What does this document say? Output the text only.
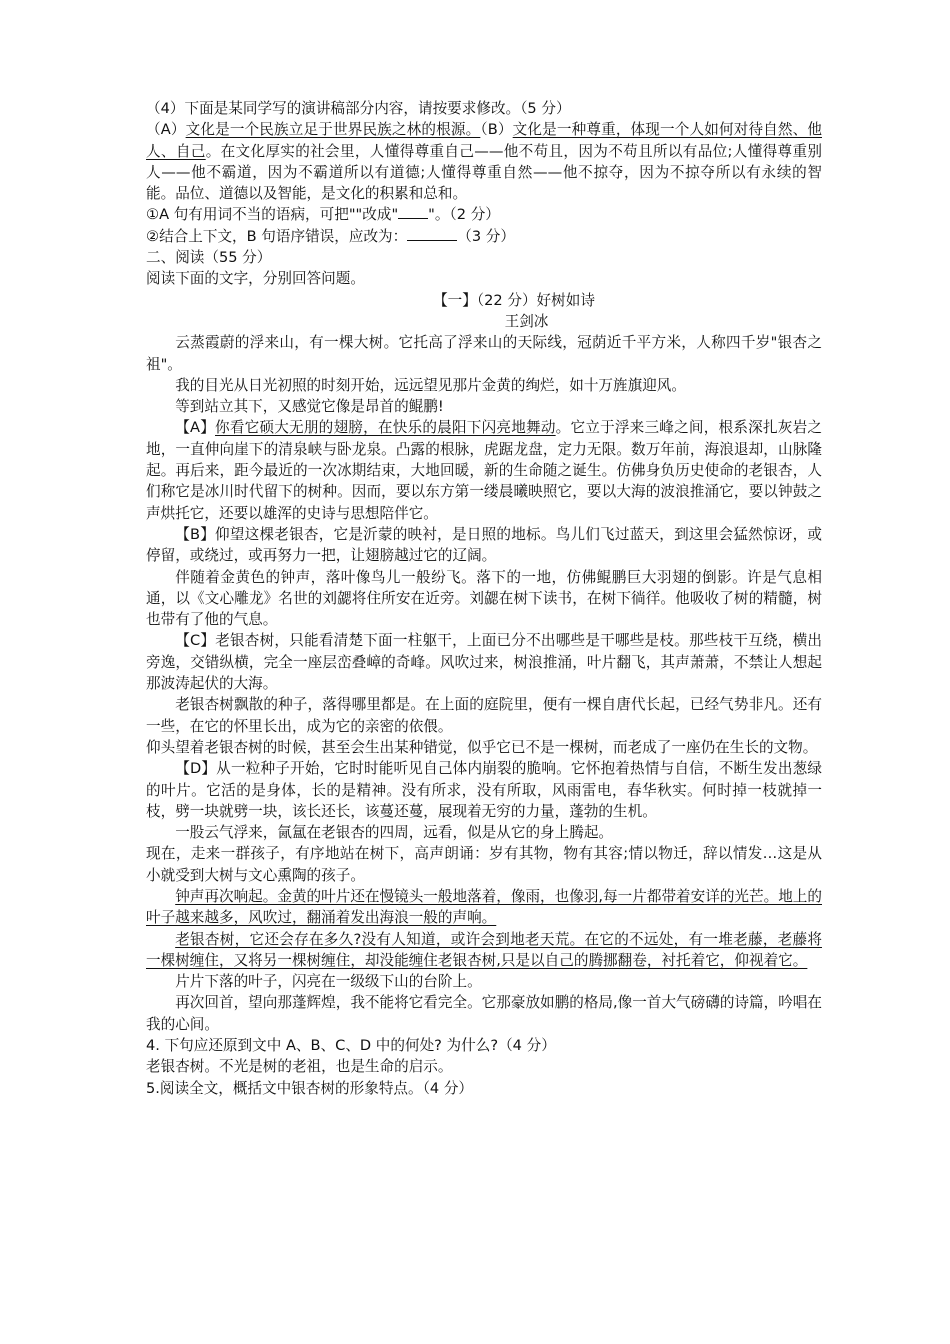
（4）下面是某同学写的演讲稿部分内容，请按要求修改。（5 分）

（A）文化是一个民族立足于世界民族之林的根源。（B）文化是一种尊重，体现一个人如何对待自然、他人、自己。在文化厚实的社会里，人懂得尊重自己——他不苟且，因为不苟且所以有品位;人懂得尊重别人——他不霸道，因为不霸道所以有道德;人懂得尊重自然——他不掠夺，因为不掠夺所以有永续的智能。品位、道德以及智能，是文化的积累和总和。

①A 句有用词不当的语病，可把""改成" "。（2 分）

②结合上下文，B 句语序错误，应改为：	（3 分）

二、阅读（55 分）

阅读下面的文字，分别回答问题。

【一】（22 分）好树如诗

王剑冰

云蒸霞蔚的浮来山，有一棵大树。它托高了浮来山的天际线，冠荫近千平方米，人称四千岁"银杏之祖"。

我的目光从日光初照的时刻开始，远远望见那片金黄的绚烂，如十万旌旗迎风。

等到站立其下，又感觉它像是昂首的鲲鹏!

【A】你看它硕大无朋的翅膀，在快乐的晨阳下闪亮地舞动。它立于浮来三峰之间，根系深扎灰岩之地，一直伸向崖下的清泉峡与卧龙泉。凸露的根脉，虎踞龙盘，定力无限。数万年前，海浪退却，山脉隆起。再后来，距今最近的一次冰期结束，大地回暖，新的生命随之诞生。仿佛身负历史使命的老银杏，人们称它是冰川时代留下的树种。因而，要以东方第一缕晨曦映照它，要以大海的波浪推涌它，要以钟鼓之声烘托它，还要以雄浑的史诗与思想陪伴它。

【B】仰望这棵老银杏，它是沂蒙的映衬，是日照的地标。鸟儿们飞过蓝天，到这里会猛然惊讶，或停留，或绕过，或再努力一把，让翅膀越过它的辽阔。

伴随着金黄色的钟声，落叶像鸟儿一般纷飞。落下的一地，仿佛鲲鹏巨大羽翅的倒影。许是气息相通，以《文心雕龙》名世的刘勰将住所安在近旁。刘勰在树下读书，在树下徜徉。他吸收了树的精髓，树也带有了他的气息。

【C】老银杏树，只能看清楚下面一柱躯干，上面已分不出哪些是干哪些是枝。那些枝干互绕，横出旁逸，交错纵横，完全一座层峦叠嶂的奇峰。风吹过来，树浪推涌，叶片翻飞，其声萧萧，不禁让人想起那波涛起伏的大海。

老银杏树飘散的种子，落得哪里都是。在上面的庭院里，便有一棵自唐代长起，已经气势非凡。还有一些，在它的怀里长出，成为它的亲密的依偎。

仰头望着老银杏树的时候，甚至会生出某种错觉，似乎它已不是一棵树，而老成了一座仍在生长的文物。

【D】从一粒种子开始，它时时能听见自己体内崩裂的脆响。它怀抱着热情与自信，不断生发出葱绿的叶片。它活的是身体，长的是精神。没有所求，没有所取，风雨雷电，春华秋实。何时掉一枝就掉一枝，劈一块就劈一块，该长还长，该蔓还蔓，展现着无穷的力量，蓬勃的生机。

一股云气浮来，氤氲在老银杏的四周，远看，似是从它的身上腾起。

现在，走来一群孩子，有序地站在树下，高声朗诵：岁有其物，物有其容;情以物迁，辞以情发…这是从小就受到大树与文心熏陶的孩子。

钟声再次响起。金黄的叶片还在慢镜头一般地落着，像雨，也像羽,每一片都带着安详的光芒。地上的叶子越来越多，风吹过，翻涌着发出海浪一般的声响。

老银杏树，它还会存在多久?没有人知道，或许会到地老天荒。在它的不远处，有一堆老藤，老藤将一棵树缠住，又将另一棵树缠住，却没能缠住老银杏树,只是以自己的腾挪翻卷，衬托着它，仰视着它。

片片下落的叶子，闪亮在一级级下山的台阶上。

再次回首，望向那蓬辉煌，我不能将它看完全。它那豪放如鹏的格局,像一首大气磅礴的诗篇，吟唱在我的心间。

4. 下句应还原到文中 A、B、C、D 中的何处? 为什么?（4 分）

老银杏树。不光是树的老祖，也是生命的启示。

5.阅读全文，概括文中银杏树的形象特点。（4 分）
